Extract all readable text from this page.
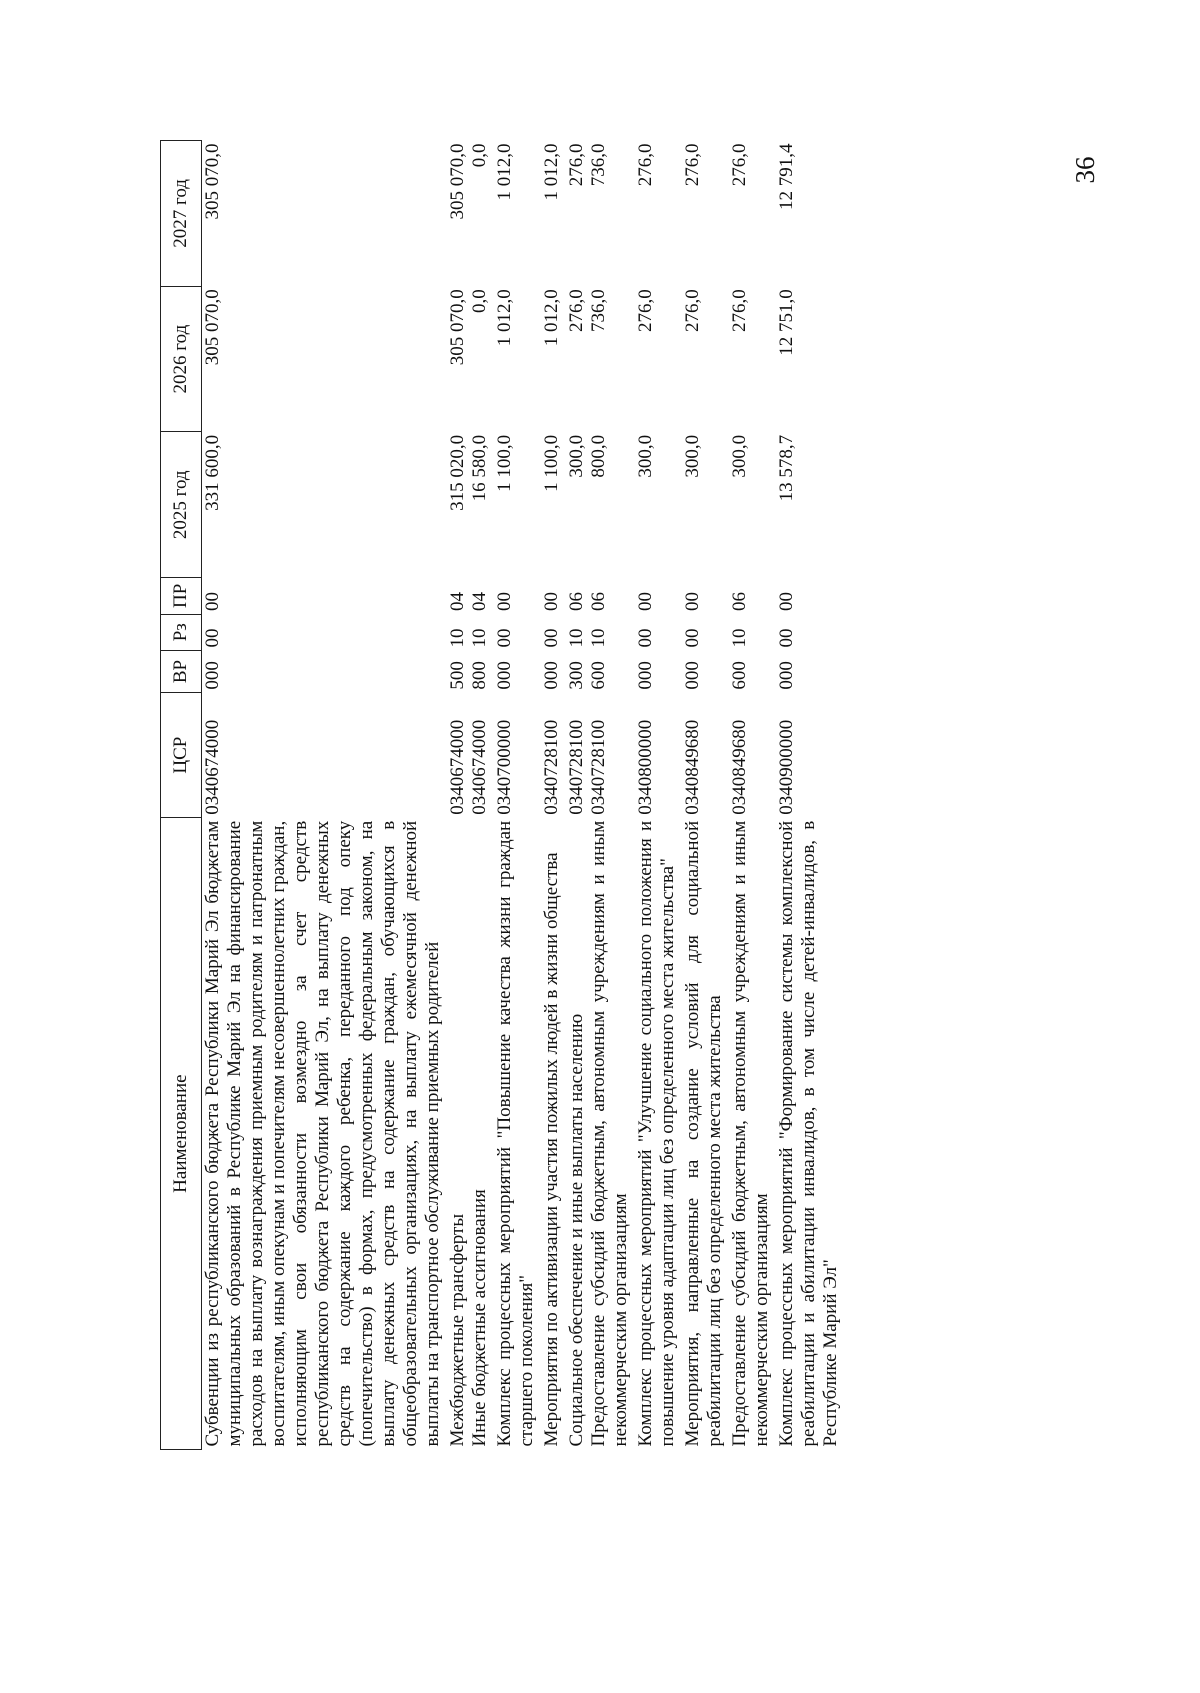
36
Наименование	ЦСР	ВР	Рз	ПР	2025 год	2026 год	2027 год
Субвенции из республиканского бюджета Республики Марий Эл бюджетам муниципальных образований в Республике Марий Эл на финансирование расходов на выплату вознаграждения приемным родителям и патронатным воспитателям, иным опекунам и попечителям несовершеннолетних граждан, исполняющим свои обязанности возмездно за счет средств республиканского бюджета Республики Марий Эл, на выплату денежных средств на содержание каждого ребенка, переданного под опеку (попечительство) в формах, предусмотренных федеральным законом, на выплату денежных средств на содержание граждан, обучающихся в общеобразовательных организациях, на выплату ежемесячной денежной выплаты на транспортное обслуживание приемных родителей	0340674000	000	00	00	331 600,0	305 070,0	305 070,0
Межбюджетные трансферты	0340674000	500	10	04	315 020,0	305 070,0	305 070,0
Иные бюджетные ассигнования	0340674000	800	10	04	16 580,0	0,0	0,0
Комплекс процессных мероприятий "Повышение качества жизни граждан старшего поколения"	0340700000	000	00	00	1 100,0	1 012,0	1 012,0
Мероприятия по активизации участия пожилых людей в жизни общества	0340728100	000	00	00	1 100,0	1 012,0	1 012,0
Социальное обеспечение и иные выплаты населению	0340728100	300	10	06	300,0	276,0	276,0
Предоставление субсидий бюджетным, автономным учреждениям и иным некоммерческим организациям	0340728100	600	10	06	800,0	736,0	736,0
Комплекс процессных мероприятий "Улучшение социального положения и повышение уровня адаптации лиц без определенного места жительства"	0340800000	000	00	00	300,0	276,0	276,0
Мероприятия, направленные на создание условий для социальной реабилитации лиц без определенного места жительства	0340849680	000	00	00	300,0	276,0	276,0
Предоставление субсидий бюджетным, автономным учреждениям и иным некоммерческим организациям	0340849680	600	10	06	300,0	276,0	276,0
Комплекс процессных мероприятий "Формирование системы комплексной реабилитации и абилитации инвалидов, в том числе детей-инвалидов, в Республике Марий Эл"	0340900000	000	00	00	13 578,7	12 751,0	12 791,4
